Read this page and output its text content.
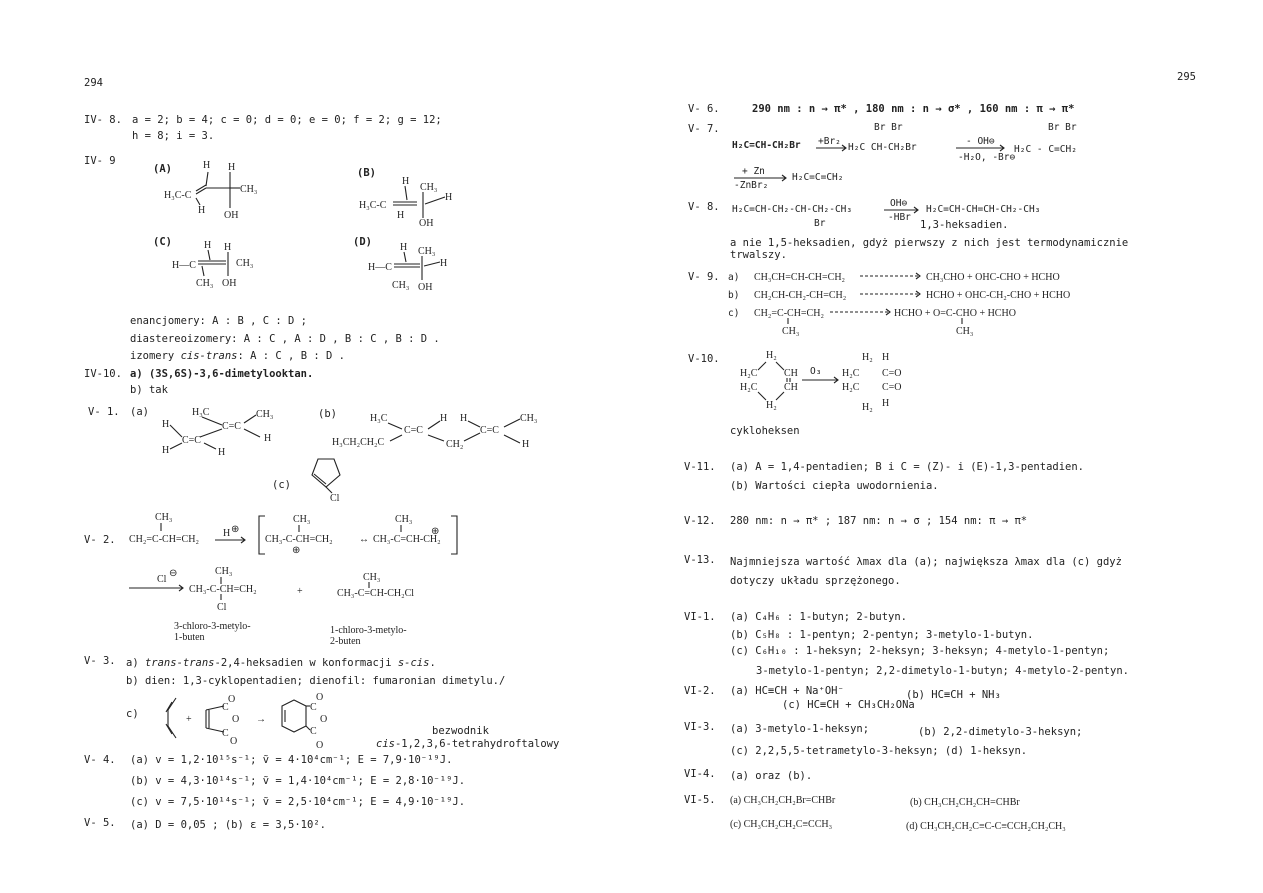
294
IV- 8. a = 2; b = 4; c = 0; d = 0; e = 0; f = 2; g = 12;
h = 8; i = 3.
IV- 9
(A)	(B)
(C)	(D)
H H
H₃C-C
CH₃
H OH
H
CH₃
H₃C-C
H
H
OH
H H
H—C	CH₃
CH₃ OH
H CH₃
H—C	H
CH₃ OH
enancjomery: A : B , C : D ;
diastereoizomery: A : C , A : D , B : C , B : D .
izomery cis-trans: A : C , B : D .
IV-10. a) (3S,6S)-3,6-dimetylooktan.
b) tak
V- 1. (a)	(b)
H₃C	CH₃
H	C=C
H
C=C
H	H
H₃C	H H	CH₃
C=C	C=C
H₃CH₂CH₂C	CH₂	H
(c)
Cl
V- 2.
CH₃
CH₂=C-CH=CH₂
H ⊕
CH₃
CH₃-C-CH=CH₂
⊕
↔
CH₃
CH₃-C=CH-CH₂
⊕
Cl
⊖	CH₃
CH₃-C-CH=CH₂
Cl
+
CH₃
CH₃-C=CH-CH₂Cl
3-chloro-3-metylo-
1-buten
1-chloro-3-metylo-
2-buten
V- 3. a) trans-trans-2,4-heksadien w konformacji s-cis.
b) dien: 1,3-cyklopentadien; dienofil: fumaronian dimetylu./
c)	+
C
C
O
O
O
→
C
C
O
O
O
bezwodnik
cis-1,2,3,6-tetrahydroftalowy
V- 4. (a) v = 1,2·10¹⁵s⁻¹; ṽ = 4·10⁴cm⁻¹; E = 7,9·10⁻¹⁹J.
(b) v = 4,3·10¹⁴s⁻¹; ṽ = 1,4·10⁴cm⁻¹; E = 2,8·10⁻¹⁹J.
(c) v = 7,5·10¹⁴s⁻¹; ṽ = 2,5·10⁴cm⁻¹; E = 4,9·10⁻¹⁹J.
V- 5. (a) D = 0,05 ; (b) ε = 3,5·10².
295
V- 6.	290 nm : n → π* , 180 nm : n → σ* , 160 nm : π → π*
V- 7.	Br Br	Br Br
H₂C=CH-CH₂Br +Br₂
H₂C CH-CH₂Br
- OH⊖
-H₂O, -Br⊖
H₂C - C=CH₂
+ Zn
-ZnBr₂
H₂C=C=CH₂
V- 8. H₂C=CH-CH₂-CH-CH₂-CH₃
Br
OH⊖
-HBr
H₂C=CH-CH=CH-CH₂-CH₃
1,3-heksadien.
a nie 1,5-heksadien, gdyż pierwszy z nich jest termodynamicznie
trwalszy.
V- 9. a) CH₃CH=CH-CH=CH₂	CH₃CHO + OHC-CHO + HCHO
b) CH₂CH-CH₂-CH=CH₂	HCHO + OHC-CH₂-CHO + HCHO
c) CH₂=C-CH=CH₂
CH₃
HCHO + O=C-CHO + HCHO
CH₃
V-10.	H₂
H₂C	CH
H₂C	CH
H₂
O₃
H₂ H
H₂C C=O
H₂C C=O
H₂ H
cykloheksen
V-11. (a) A = 1,4-pentadien; B i C = (Z)- i (E)-1,3-pentadien.
(b) Wartości ciepła uwodornienia.
V-12. 280 nm: n → π* ; 187 nm: n → σ ; 154 nm: π → π*
V-13. Najmniejsza wartość λmax dla (a); największa λmax dla (c) gdyż
dotyczy układu sprzężonego.
VI-1. (a) C₄H₆ : 1-butyn; 2-butyn.
(b) C₅H₈ : 1-pentyn; 2-pentyn; 3-metylo-1-butyn.
(c) C₆H₁₀ : 1-heksyn; 2-heksyn; 3-heksyn; 4-metylo-1-pentyn;
3-metylo-1-pentyn; 2,2-dimetylo-1-butyn; 4-metylo-2-pentyn.
VI-2. (a) HC≡CH + Na⁺OH⁻	(b) HC≡CH + NH₃
(c) HC≡CH + CH₃CH₂ONa
VI-3. (a) 3-metylo-1-heksyn;	(b) 2,2-dimetylo-3-heksyn;
(c) 2,2,5,5-tetrametylo-3-heksyn; (d) 1-heksyn.
VI-4. (a) oraz (b).
VI-5. (a) CH₃CH₂CH₂Br=CHBr	(b) CH₃CH₂CH₂CH=CHBr
(c) CH₃CH₂CH₂C≡CCH₃	(d) CH₃CH₂CH₂C≡C-C≡CCH₂CH₂CH₃
